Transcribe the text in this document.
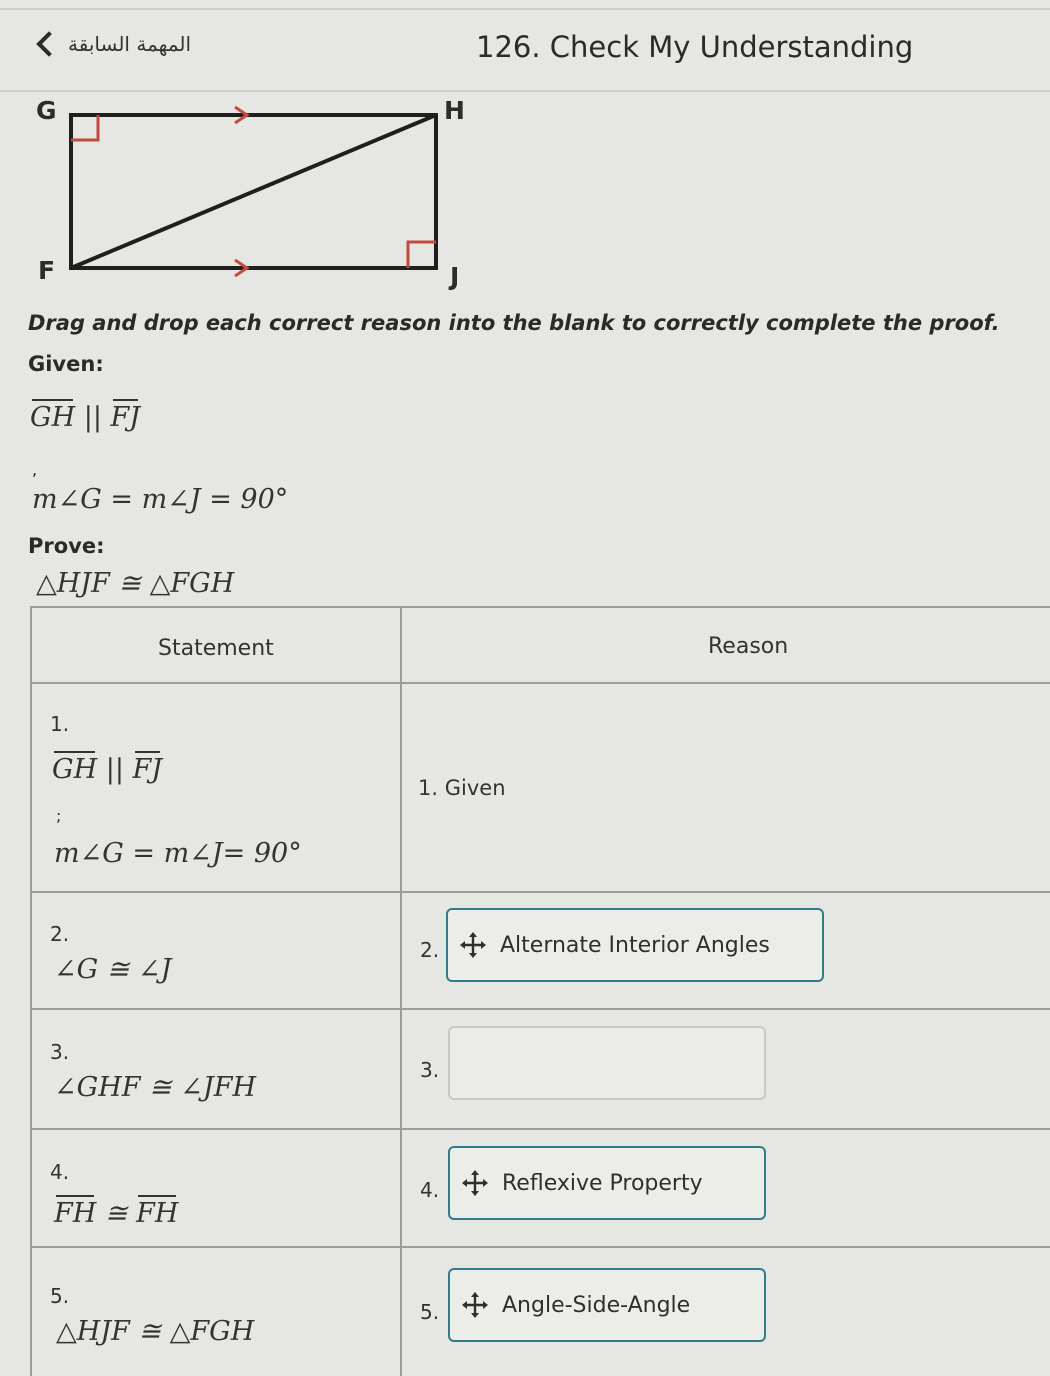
المهمة السابقة	126. Check My Understanding
G	H
F	J
Drag and drop each correct reason into the blank to correctly complete the proof.
Given:
GH || FJ
,
m∠G = m∠J = 90°
Prove:
△HJF ≅ △FGH
Statement	Reason
1.
GH || FJ
;
m∠G = m∠J= 90°
1. Given
2.
∠G ≅ ∠J
2.	Alternate Interior Angles
3.
∠GHF ≅ ∠JFH
3.
4.
FH ≅ FH
4.	Reflexive Property
5.
△HJF ≅ △FGH
5.	Angle-Side-Angle
